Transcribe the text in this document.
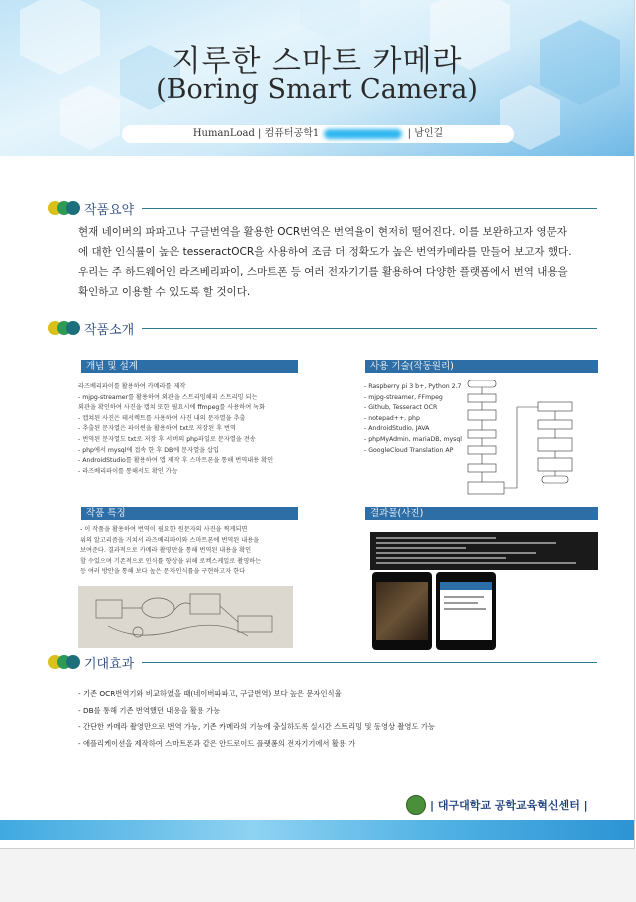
지루한 스마트 카메라
(Boring Smart Camera)
HumanLoad | 컴퓨터공학1	| 남인길
작품요약
현재 네이버의 파파고나 구글번역을 활용한 OCR번역은 번역율이 현저히 떨어진다. 이를 보완하고자 영문자
에 대한 인식률이 높은 tesseractOCR을 사용하여 조금 더 정확도가 높은 번역카메라를 만들어 보고자 했다.
우리는 주 하드웨어인 라즈베리파이, 스마트폰 등 여러 전자기기를 활용하여 다양한 플랫폼에서 번역 내용을
확인하고 이용할 수 있도록 할 것이다.
작품소개
개념 및 설계
라즈베리파이를 활용하여 카메라를 제작
- mjpg-streamer를 활용하여 외관을 스트리밍해피 스트리밍 되는
외관을 확인하여 사진을 캡쳐 또한 필요시에 ffmpeg를 사용하여 녹화
- 캡쳐된 사진은 테서렉트를 사용하여 사진 내의 문자열을 추출
- 추출된 문자열은 파이썬을 활용하여 txt로 저장된 후 번역
- 번역된 문자열도 txt로 저장 후 서버의 php파일로 문자열을 전송
- php에서 mysql에 접속 한 후 DB에 문자열을 삽입
- AndroidStudio를 활용하여 앱 제작 후 스마트폰을 통해 번역내용 확인
- 라즈베리파이를 통해서도 확인 가능
사용 기술(작동원리)
- Raspberry pi 3 b+, Python 2.7
- mjpg-streamer, FFmpeg
- Github, Tesseract OCR
- notepad++, php
- AndroidStudio, JAVA
- phpMyAdmin, mariaDB, mysql
- GoogleCloud Translation AP
작품 특징
- 이 작품을 활용하여 번역이 필요한 원문자의 사진을 찍게되면
위의 알고리즘을 거쳐서 라즈베리파이와 스마트폰에 번역된 내용을
보여준다. 결과적으로 카메라 촬영만을 통해 번역된 내용을 확인
할 수있으며 기존적으로 인식률 향상을 위해 로켁스케일로 촬영하는
등 여러 방안을 통해 보다 높은 문자인식률을 구현하고자 한다
결과물(사진)
기대효과
- 기존 OCR번역기와 비교하였을 때(네이버파파고, 구글번역) 보다 높은 문자인식율
- DB를 통해 기존 번역했던 내용을 활용 가능
- 간단한 카메라 촬영만으로 번역 가능, 기존 카메라의 기능에 충실하도록 실시간 스트리밍 및 동영상 촬영도 가능
- 애플리케이션을 제작하여 스마트폰과 같은 안드로이드 플랫폼의 전자기기에서 활용 가
| 대구대학교 공학교육혁신센터 |
